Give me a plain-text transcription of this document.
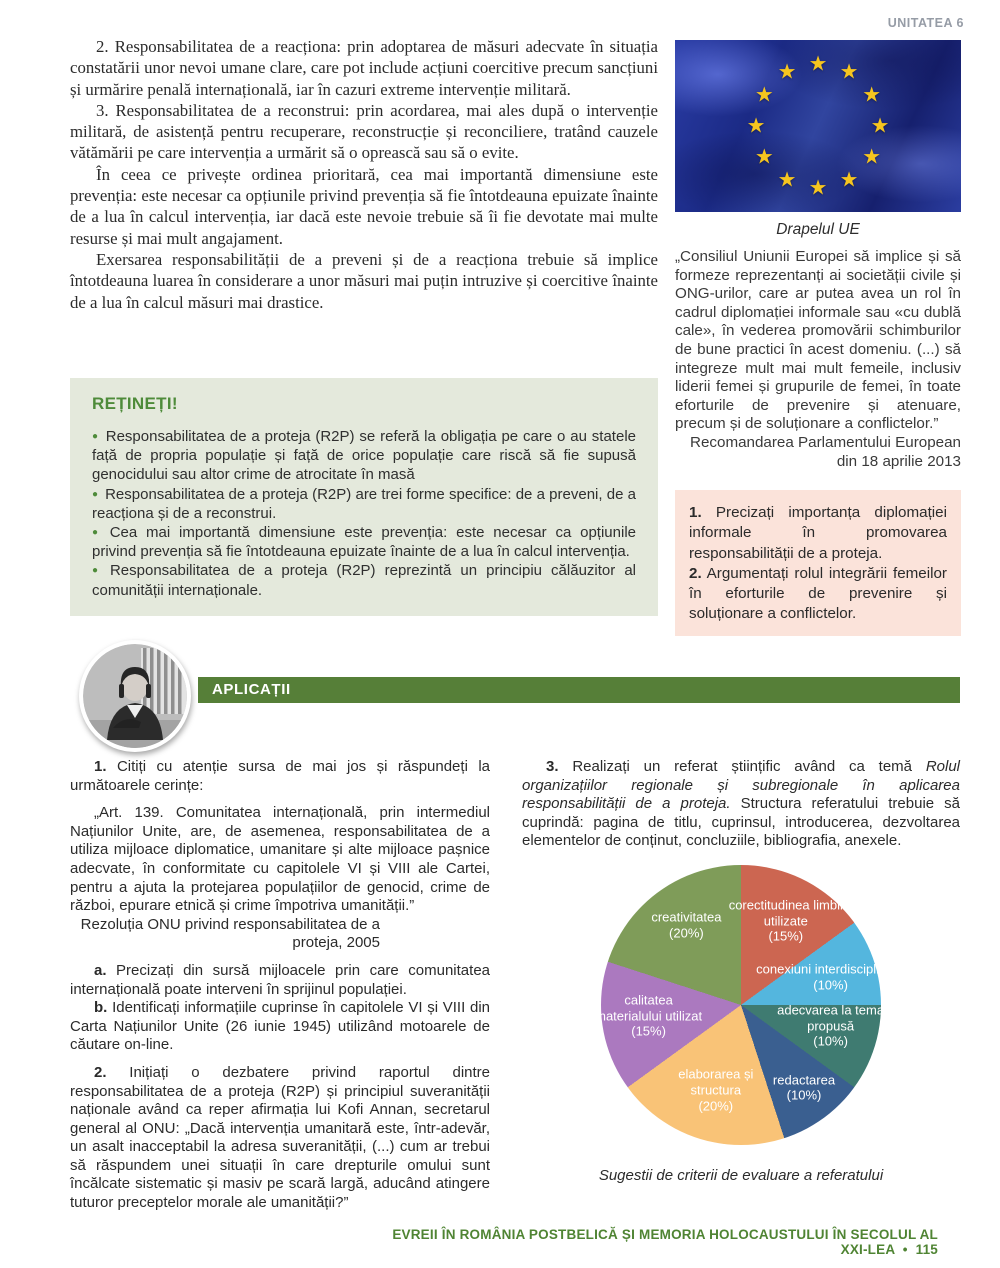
UNITATEA 6

2. Responsabilitatea de a reacționa: prin adoptarea de măsuri adecvate în situația constatării unor nevoi umane clare, care pot include acțiuni coercitive precum sancțiuni și urmărire penală internațională, iar în cazuri extreme intervenție militară.

3. Responsabilitatea de a reconstrui: prin acordarea, mai ales după o intervenție militară, de asistență pentru recuperare, reconstrucție și reconciliere, tratând cauzele vătămării pe care intervenția a urmărit să o oprească sau să o evite.

În ceea ce privește ordinea prioritară, cea mai importantă dimensiune este prevenția: este necesar ca opțiunile privind prevenția să fie întotdeauna epuizate înainte de a lua în calcul intervenția, iar dacă este nevoie trebuie să îi fie devotate mai multe resurse și mai mult angajament.

Exersarea responsabilității de a preveni și de a reacționa trebuie să implice întotdeauna luarea în considerare a unor măsuri mai puțin intruzive și coercitive înainte de a lua în calcul măsuri mai drastice.

★ ★
★
★
★
★
★
★
★
★
★
★
Drapelul UE

„Consiliul Uniunii Europei să implice și să formeze reprezentanți ai societății civile și ONG-urilor, care ar putea avea un rol în cadrul diplomației informale sau «cu dublă cale», în vederea promovării schimburilor de bune practici în acest domeniu. (...) să integreze mult mai mult femeile, inclusiv liderii femei și grupurile de femei, în toate eforturile de prevenire și atenuare, precum și de soluționare a conflictelor.”

Recomandarea Parlamentului European din 18 aprilie 2013

1. Precizați importanța diplomației informale în promovarea responsabilității de a proteja.

2. Argumentați rolul integrării femeilor în eforturile de prevenire și soluționare a conflictelor.

REȚINEȚI!

● Responsabilitatea de a proteja (R2P) se referă la obligația pe care o au statele față de propria populație și față de orice populație care riscă să fie supusă genocidului sau altor crime de atrocitate în masă

● Responsabilitatea de a proteja (R2P) are trei forme specifice: de a preveni, de a reacționa și de a reconstrui.

● Cea mai importantă dimensiune este prevenția: este necesar ca opțiunile privind prevenția să fie întotdeauna epuizate înainte de a lua în calcul intervenția.

● Responsabilitatea de a proteja (R2P) reprezintă un principiu călăuzitor al comunității internaționale.

APLICAȚII

1. Citiți cu atenție sursa de mai jos și răspundeți la următoarele cerințe:

„Art. 139. Comunitatea internațională, prin intermediul Națiunilor Unite, are, de asemenea, responsabilitatea de a utiliza mijloace diplomatice, umanitare și alte mijloace pașnice adecvate, în conformitate cu capitolele VI și VIII ale Cartei, pentru a ajuta la protejarea populațiilor de genocid, crime de război, epurare etnică și crime împotriva umanității.”

Rezoluția ONU privind responsabilitatea de a proteja, 2005

a. Precizați din sursă mijloacele prin care comunitatea internațională poate interveni în sprijinul populației.

b. Identificați informațiile cuprinse în capitolele VI și VIII din Carta Națiunilor Unite (26 iunie 1945) utilizând motoarele de căutare on-line.

2. Inițiați o dezbatere privind raportul dintre responsabilitatea de a proteja (R2P) și principiul suveranității naționale având ca reper afirmația lui Kofi Annan, secretarul general al ONU: „Dacă intervenția umanitară este, într-adevăr, un asalt inacceptabil la adresa suveranității, (...) cum ar trebui să răspundem unei situații în care drepturile omului sunt încălcate sistematic și masiv pe scară largă, aducând atingere tuturor preceptelor morale ale umanității?”

3. Realizați un referat științific având ca temă Rolul organizațiilor regionale și subregionale în aplicarea responsabilității de a proteja. Structura referatului trebuie să cuprindă: pagina de titlu, cuprinsul, introducerea, dezvoltarea elementelor de conținut, concluziile, bibliografia, anexele.

corectitudinea limbii utilizate
(15%)
conexiuni interdisciplinare
(10%)
adecvarea la tema propusă
(10%)
redactarea
(10%)
elaborarea și structura
(20%)
calitatea materialului utilizat
(15%)
creativitatea
(20%)

Sugestii de criterii de evaluare a referatului

EVREII ÎN ROMÂNIA POSTBELICĂ ȘI MEMORIA HOLOCAUSTULUI ÎN SECOLUL AL XXI-LEA • 115
